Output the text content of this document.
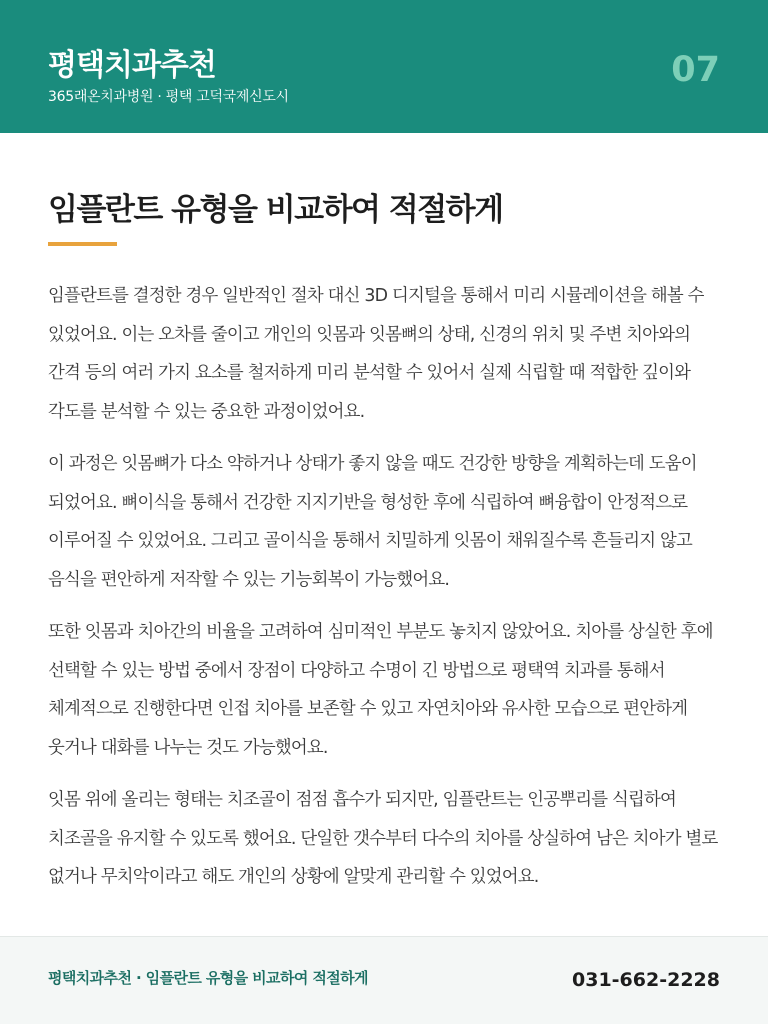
평택치과추천
365래온치과병원 · 평택 고덕국제신도시
07
임플란트 유형을 비교하여 적절하게

임플란트를 결정한 경우 일반적인 절차 대신 3D 디지털을 통해서 미리 시뮬레이션을 해볼 수 있었어요. 이는 오차를 줄이고 개인의 잇몸과 잇몸뼈의 상태, 신경의 위치 및 주변 치아와의 간격 등의 여러 가지 요소를 철저하게 미리 분석할 수 있어서 실제 식립할 때 적합한 깊이와 각도를 분석할 수 있는 중요한 과정이었어요.

이 과정은 잇몸뼈가 다소 약하거나 상태가 좋지 않을 때도 건강한 방향을 계획하는데 도움이 되었어요. 뼈이식을 통해서 건강한 지지기반을 형성한 후에 식립하여 뼈융합이 안정적으로 이루어질 수 있었어요. 그리고 골이식을 통해서 치밀하게 잇몸이 채워질수록 흔들리지 않고 음식을 편안하게 저작할 수 있는 기능회복이 가능했어요.

또한 잇몸과 치아간의 비율을 고려하여 심미적인 부분도 놓치지 않았어요. 치아를 상실한 후에 선택할 수 있는 방법 중에서 장점이 다양하고 수명이 긴 방법으로 평택역 치과를 통해서 체계적으로 진행한다면 인접 치아를 보존할 수 있고 자연치아와 유사한 모습으로 편안하게 웃거나 대화를 나누는 것도 가능했어요.

잇몸 위에 올리는 형태는 치조골이 점점 흡수가 되지만, 임플란트는 인공뿌리를 식립하여 치조골을 유지할 수 있도록 했어요. 단일한 갯수부터 다수의 치아를 상실하여 남은 치아가 별로 없거나 무치악이라고 해도 개인의 상황에 알맞게 관리할 수 있었어요.

평택치과추천 · 임플란트 유형을 비교하여 적절하게	031-662-2228
